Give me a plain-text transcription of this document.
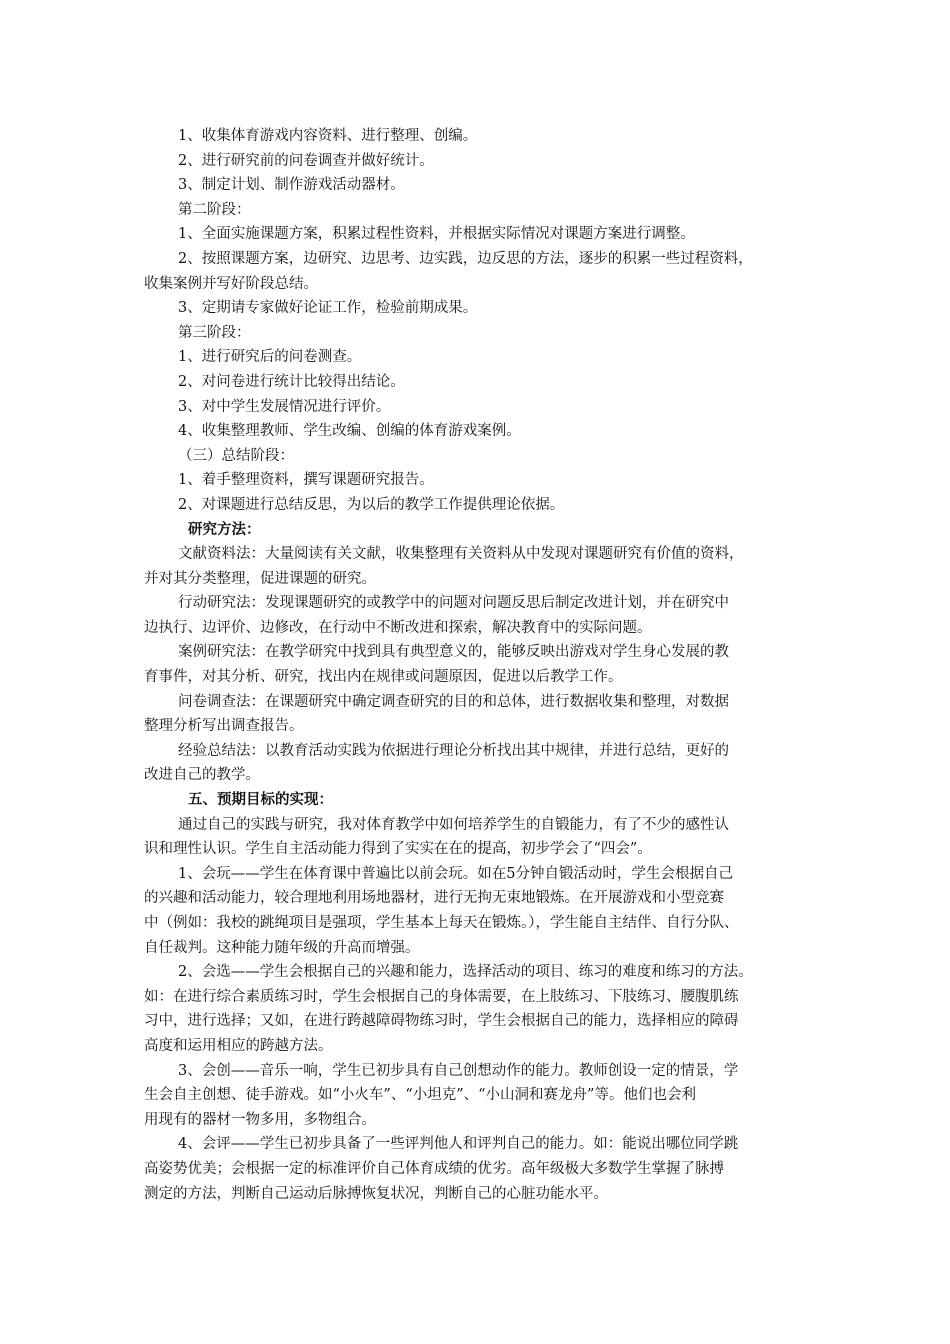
1、收集体育游戏内容资料、进行整理、创编。

2、进行研究前的问卷调查并做好统计。

3、制定计划、制作游戏活动器材。

第二阶段：

1、全面实施课题方案，积累过程性资料，并根据实际情况对课题方案进行调整。

2、按照课题方案，边研究、边思考、边实践，边反思的方法，逐步的积累一些过程资料，

收集案例并写好阶段总结。

3、定期请专家做好论证工作，检验前期成果。

第三阶段：

1、进行研究后的问卷测查。

2、对问卷进行统计比较得出结论。

3、对中学生发展情况进行评价。

4、收集整理教师、学生改编、创编的体育游戏案例。

（三）总结阶段：

1、着手整理资料，撰写课题研究报告。

2、对课题进行总结反思，为以后的教学工作提供理论依据。

研究方法：

文献资料法：大量阅读有关文献，收集整理有关资料从中发现对课题研究有价值的资料，

并对其分类整理，促进课题的研究。

行动研究法：发现课题研究的或教学中的问题对问题反思后制定改进计划，并在研究中

边执行、边评价、边修改，在行动中不断改进和探索，解决教育中的实际问题。

案例研究法：在教学研究中找到具有典型意义的，能够反映出游戏对学生身心发展的教

育事件，对其分析、研究，找出内在规律或问题原因，促进以后教学工作。

问卷调查法：在课题研究中确定调查研究的目的和总体，进行数据收集和整理，对数据

整理分析写出调查报告。

经验总结法：以教育活动实践为依据进行理论分析找出其中规律，并进行总结，更好的

改进自己的教学。

五、预期目标的实现：

通过自己的实践与研究，我对体育教学中如何培养学生的自锻能力，有了不少的感性认

识和理性认识。学生自主活动能力得到了实实在在的提高，初步学会了“四会”。

1、会玩——学生在体育课中普遍比以前会玩。如在5分钟自锻活动时，学生会根据自己

的兴趣和活动能力，较合理地利用场地器材，进行无拘无束地锻炼。在开展游戏和小型竞赛

中（例如：我校的跳绳项目是强项，学生基本上每天在锻炼。），学生能自主结伴、自行分队、

自任裁判。这种能力随年级的升高而增强。

2、会选——学生会根据自己的兴趣和能力，选择活动的项目、练习的难度和练习的方法。

如：在进行综合素质练习时，学生会根据自己的身体需要，在上肢练习、下肢练习、腰腹肌练

习中，进行选择；又如，在进行跨越障碍物练习时，学生会根据自己的能力，选择相应的障碍

高度和运用相应的跨越方法。

3、会创——音乐一响，学生已初步具有自己创想动作的能力。教师创设一定的情景，学

生会自主创想、徒手游戏。如“小火车”、“小坦克”、“小山洞和赛龙舟”等。他们也会利

用现有的器材一物多用，多物组合。

4、会评——学生已初步具备了一些评判他人和评判自己的能力。如：能说出哪位同学跳

高姿势优美；会根据一定的标准评价自己体育成绩的优劣。高年级极大多数学生掌握了脉搏

测定的方法，判断自己运动后脉搏恢复状况，判断自己的心脏功能水平。
